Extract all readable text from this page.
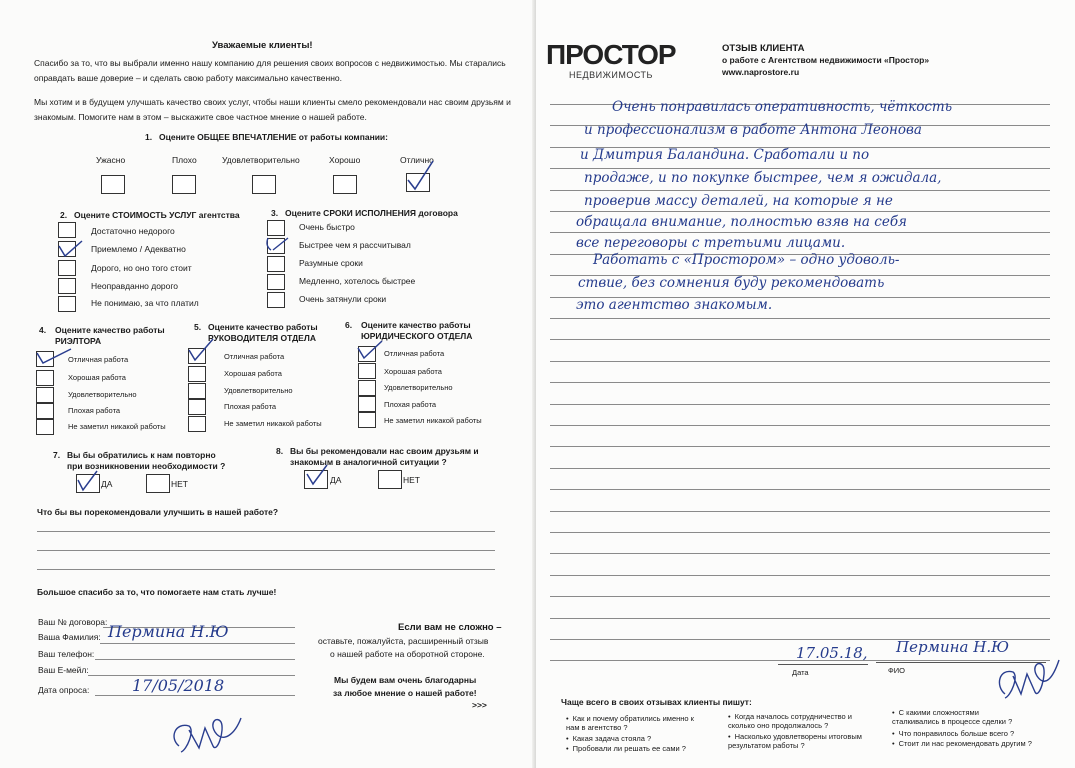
Уважаемые клиенты!
Спасибо за то, что вы выбрали именно нашу компанию для решения своих вопросов с недвижимостью. Мы старались
оправдать ваше доверие – и сделать свою работу максимально качественно.
Мы хотим и в будущем улучшать качество своих услуг, чтобы наши клиенты смело рекомендовали нас своим друзьям и
знакомым. Помогите нам в этом – выскажите свое частное мнение о нашей работе.
1. Оцените ОБЩЕЕ ВПЕЧАТЛЕНИЕ от работы компании:
Ужасно	Плохо	Удовлетворительно	Хорошо	Отлично
2. Оцените СТОИМОСТЬ УСЛУГ агентства
Достаточно недорого
Приемлемо / Адекватно
Дорого, но оно того стоит
Неоправданно дорого
Не понимаю, за что платил
3. Оцените СРОКИ ИСПОЛНЕНИЯ договора
Очень быстро
Быстрее чем я рассчитывал
Разумные сроки
Медленно, хотелось быстрее
Очень затянули сроки
4. Оцените качество работы
РИЭЛТОРА
Отличная работа
Хорошая работа
Удовлетворительно
Плохая работа
Не заметил никакой работы
5. Оцените качество работы
РУКОВОДИТЕЛЯ ОТДЕЛА
Отличная работа
Хорошая работа
Удовлетворительно
Плохая работа
Не заметил никакой работы
6. Оцените качество работы
ЮРИДИЧЕСКОГО ОТДЕЛА
Отличная работа
Хорошая работа
Удовлетворительно
Плохая работа
Не заметил никакой работы
7. Вы бы обратились к нам повторно
при возникновении необходимости ?
ДА	НЕТ
8. Вы бы рекомендовали нас своим друзьям и
знакомым в аналогичной ситуации ?
ДА	НЕТ
Что бы вы порекомендовали улучшить в нашей работе?
Большое спасибо за то, что помогаете нам стать лучше!
Ваш № договора:
Ваша Фамилия: Пермина Н.Ю
Ваш телефон:
Ваш Е-мейл:
Дата опроса:	17/05/2018
Если вам не сложно –
оставьте, пожалуйста, расширенный отзыв
о нашей работе на оборотной стороне.
Мы будем вам очень благодарны
за любое мнение о нашей работе!
>>>
ПРОСТОР
НЕДВИЖИМОСТЬ
ОТЗЫВ КЛИЕНТА
о работе с Агентством недвижимости «Простор»
www.naprostore.ru
Очень понравилась оперативность, чёткость
и профессионализм в работе Антона Леонова
и Дмитрия Баландина. Сработали и по
продаже, и по покупке быстрее, чем я ожидала,
проверив массу деталей, на которые я не
обращала внимание, полностью взяв на себя
все переговоры с третьими лицами.
Работать с «Простором» – одно удоволь-
ствие, без сомнения буду рекомендовать
это агентство знакомым.
17.05.18, Пермина Н.Ю
Дата	ФИО
Чаще всего в своих отзывах клиенты пишут:
• Как и почему обратились именно к нам в агентство ?
• Какая задача стояла ?
• Пробовали ли решать ее сами ?
• Когда началось сотрудничество и сколько оно продолжалось ?
• Насколько удовлетворены итоговым результатом работы ?
• С какими сложностями сталкивались в процессе сделки ?
• Что понравилось больше всего ?
• Стоит ли нас рекомендовать другим ?
